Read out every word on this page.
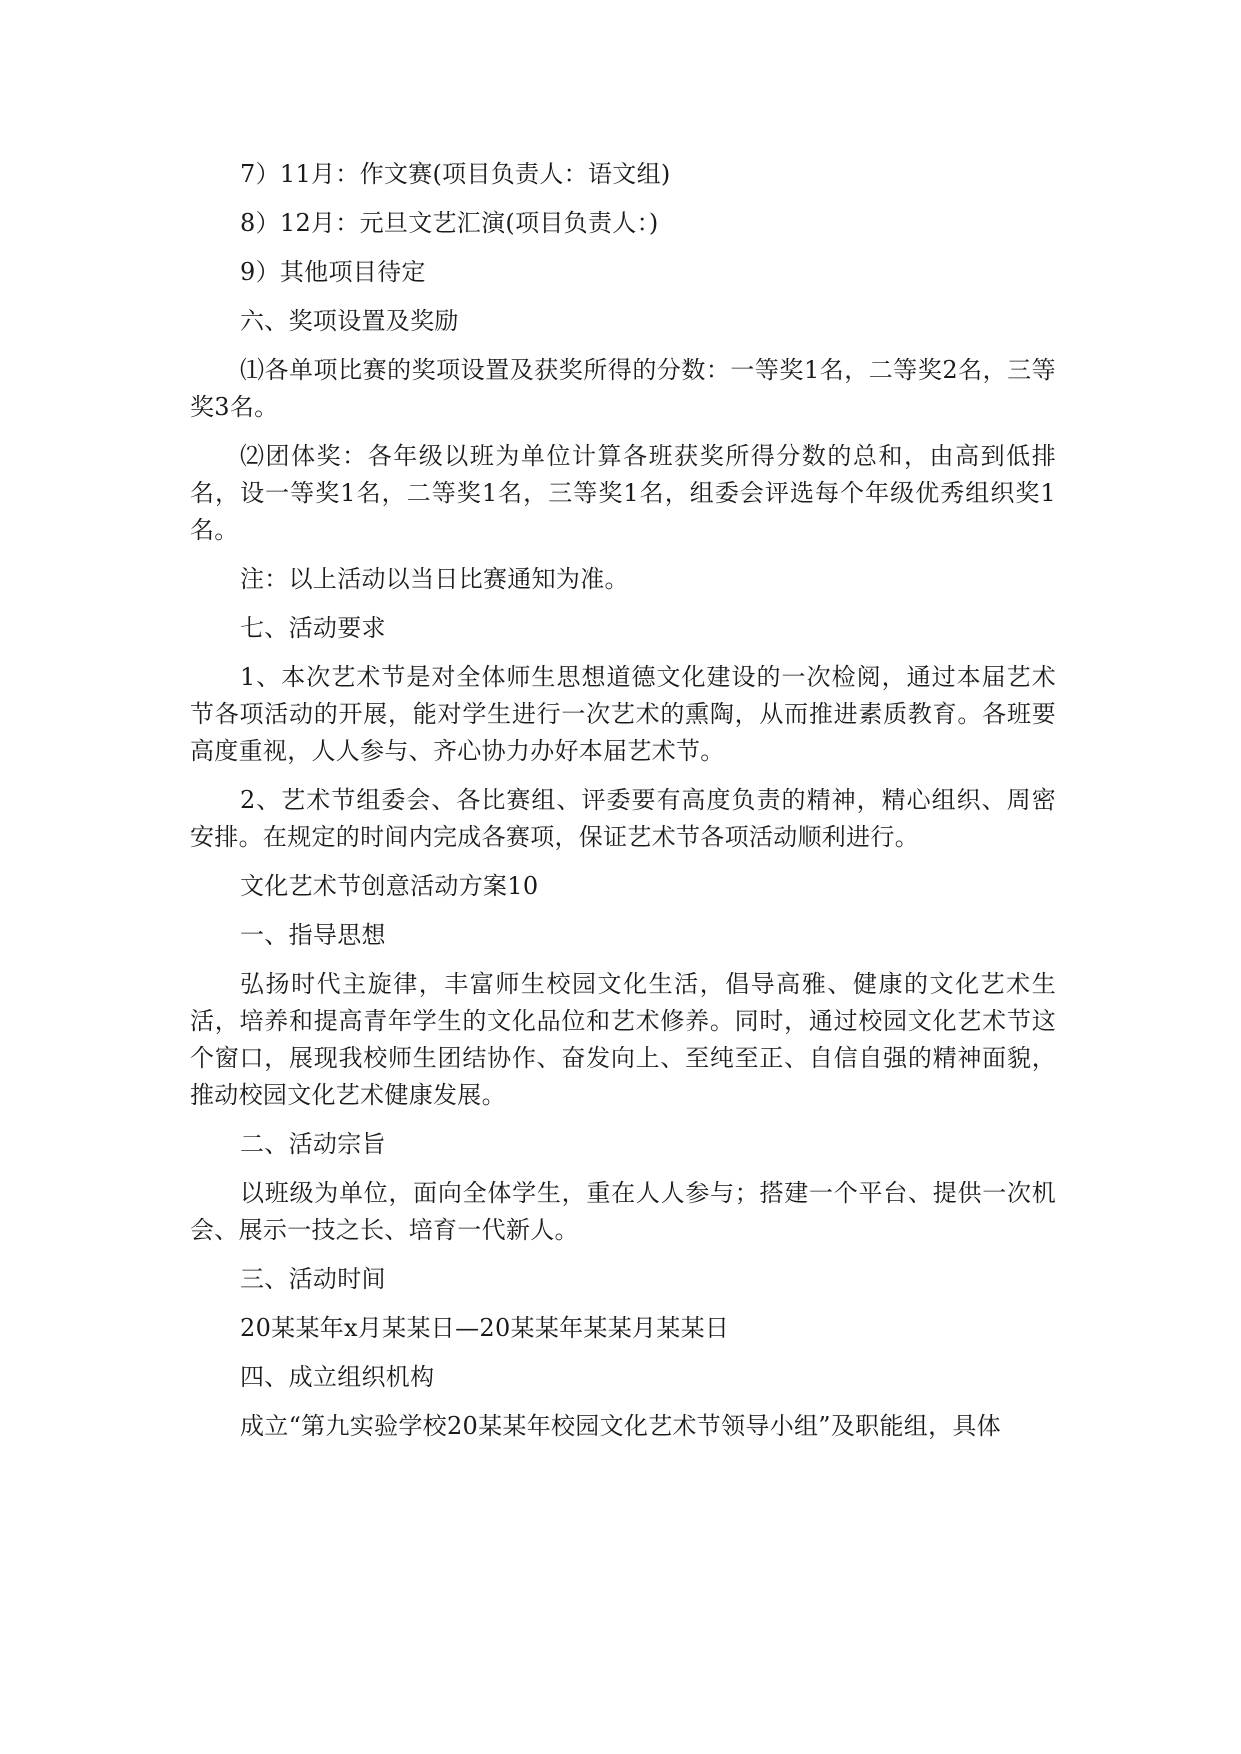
7）11月：作文赛(项目负责人：语文组)

8）12月：元旦文艺汇演(项目负责人：)

9）其他项目待定

六、奖项设置及奖励

⑴各单项比赛的奖项设置及获奖所得的分数：一等奖1名，二等奖2名，三等奖3名。

⑵团体奖：各年级以班为单位计算各班获奖所得分数的总和，由高到低排名，设一等奖1名，二等奖1名，三等奖1名，组委会评选每个年级优秀组织奖1名。

注：以上活动以当日比赛通知为准。

七、活动要求

1、本次艺术节是对全体师生思想道德文化建设的一次检阅，通过本届艺术节各项活动的开展，能对学生进行一次艺术的熏陶，从而推进素质教育。各班要高度重视，人人参与、齐心协力办好本届艺术节。

2、艺术节组委会、各比赛组、评委要有高度负责的精神，精心组织、周密安排。在规定的时间内完成各赛项，保证艺术节各项活动顺利进行。

文化艺术节创意活动方案10

一、指导思想

弘扬时代主旋律，丰富师生校园文化生活，倡导高雅、健康的文化艺术生活，培养和提高青年学生的文化品位和艺术修养。同时，通过校园文化艺术节这个窗口，展现我校师生团结协作、奋发向上、至纯至正、自信自强的精神面貌，推动校园文化艺术健康发展。

二、活动宗旨

以班级为单位，面向全体学生，重在人人参与；搭建一个平台、提供一次机会、展示一技之长、培育一代新人。

三、活动时间

20某某年x月某某日—20某某年某某月某某日

四、成立组织机构

成立“第九实验学校20某某年校园文化艺术节领导小组”及职能组，具体
